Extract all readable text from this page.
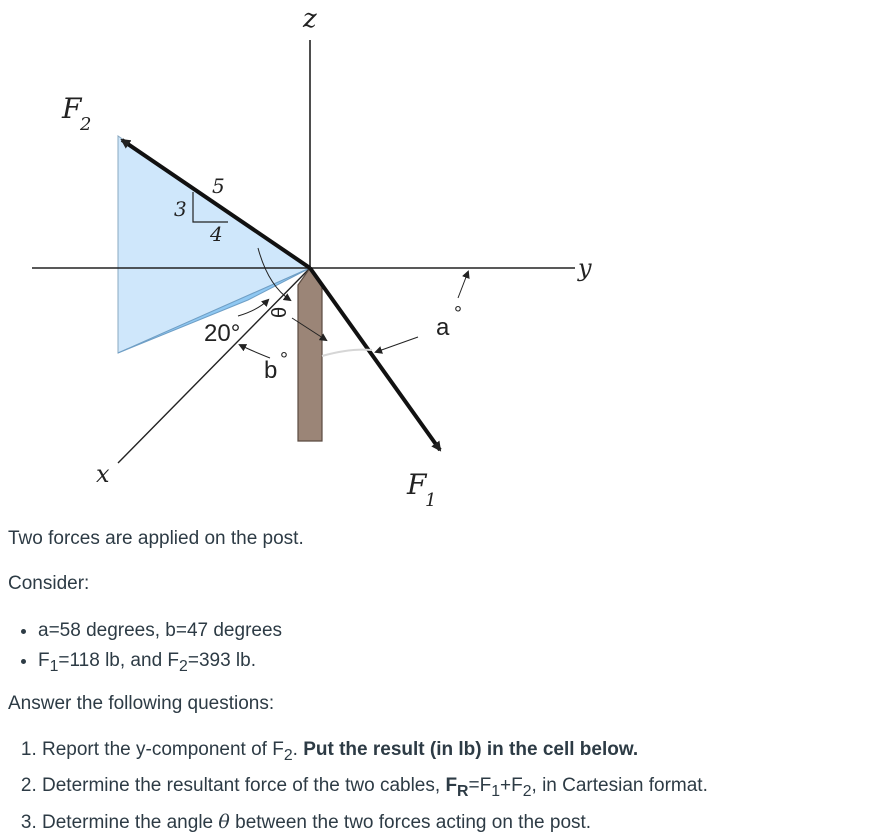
z
y
x
F
2
F
1
3
4
5
20°
θ
a °
b °

Two forces are applied on the post.

Consider:

• a=58 degrees, b=47 degrees
• $F_1=118$ lb, and $F_2=393$ lb.

Answer the following questions:

1. Report the y-component of $F_2$. Put the result (in lb) in the cell below.
2. Determine the resultant force of the two cables, $F_R=F_1+F_2$, in Cartesian format.
3. Determine the angle θ between the two forces acting on the post.
